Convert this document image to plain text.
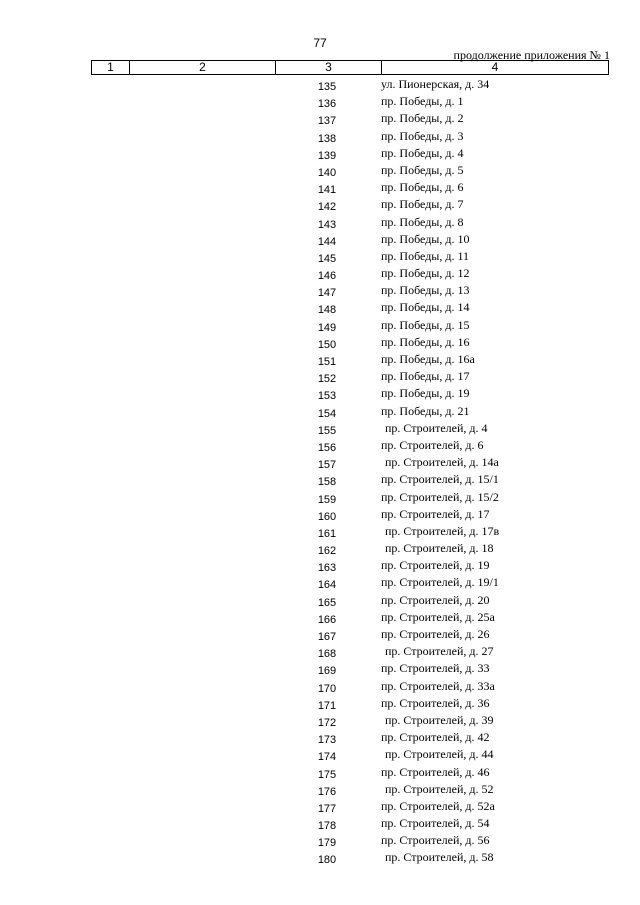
77
продолжение приложения № 1
1	2	3	4
135	ул. Пионерская, д. 34
136	пр. Победы, д. 1
137	пр. Победы, д. 2
138	пр. Победы, д. 3
139	пр. Победы, д. 4
140	пр. Победы, д. 5
141	пр. Победы, д. 6
142	пр. Победы, д. 7
143	пр. Победы, д. 8
144	пр. Победы, д. 10
145	пр. Победы, д. 11
146	пр. Победы, д. 12
147	пр. Победы, д. 13
148	пр. Победы, д. 14
149	пр. Победы, д. 15
150	пр. Победы, д. 16
151	пр. Победы, д. 16а
152	пр. Победы, д. 17
153	пр. Победы, д. 19
154	пр. Победы, д. 21
155	пр. Строителей, д. 4
156	пр. Строителей, д. 6
157	пр. Строителей, д. 14а
158	пр. Строителей, д. 15/1
159	пр. Строителей, д. 15/2
160	пр. Строителей, д. 17
161	пр. Строителей, д. 17в
162	пр. Строителей, д. 18
163	пр. Строителей, д. 19
164	пр. Строителей, д. 19/1
165	пр. Строителей, д. 20
166	пр. Строителей, д. 25а
167	пр. Строителей, д. 26
168	пр. Строителей, д. 27
169	пр. Строителей, д. 33
170	пр. Строителей, д. 33а
171	пр. Строителей, д. 36
172	пр. Строителей, д. 39
173	пр. Строителей, д. 42
174	пр. Строителей, д. 44
175	пр. Строителей, д. 46
176	пр. Строителей, д. 52
177	пр. Строителей, д. 52а
178	пр. Строителей, д. 54
179	пр. Строителей, д. 56
180	пр. Строителей, д. 58
